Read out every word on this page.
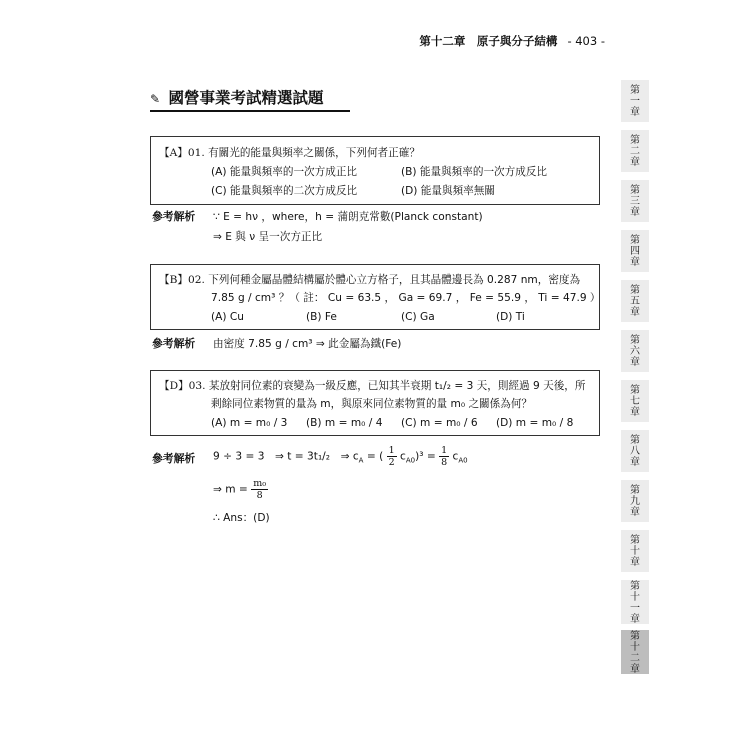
第十二章　原子與分子結構 - 403 -
✎ 國營事業考試精選試題
【A】01. 有關光的能量與頻率之關係，下列何者正確？
(A) 能量與頻率的一次方成正比	(B) 能量與頻率的一次方成反比
(C) 能量與頻率的二次方成反比	(D) 能量與頻率無關
參考解析 ∵ E = hν ，where，h = 蒲朗克常數(Planck constant)
⇒ E 與 ν 呈一次方正比
【B】02. 下列何種金屬晶體結構屬於體心立方格子，且其晶體邊長為 0.287 nm，密度為
7.85 g / cm³ ？（ 註： Cu = 63.5 ， Ga = 69.7 ， Fe = 55.9 ， Ti = 47.9 ）
(A) Cu	(B) Fe	(C) Ga	(D) Ti
參考解析 由密度 7.85 g / cm³ ⇒ 此金屬為鐵(Fe)
【D】03. 某放射同位素的衰變為一級反應，已知其半衰期 t₁/₂ = 3 天，則經過 9 天後，所
剩餘同位素物質的量為 m，與原來同位素物質的量 m₀ 之關係為何？
(A) m = m₀ / 3 (B) m = m₀ / 4 (C) m = m₀ / 6 (D) m = m₀ / 8
參考解析 9 ÷ 3 = 3　⇒ t = 3t₁/₂　⇒ $c_A$ = ( $\frac{1}{2} c_{A0})^3 = \frac{1}{8} c_{A0}$
⇒ $m = \frac{\text{m₀}}{8}$
∴ Ans：(D)
第
一
章
第
二
章
第
三
章
第
四
章
第
五
章
第
六
章
第
七
章
第
八
章
第
九
章
第
十
章
第
十
一
章
第
十
二
章
